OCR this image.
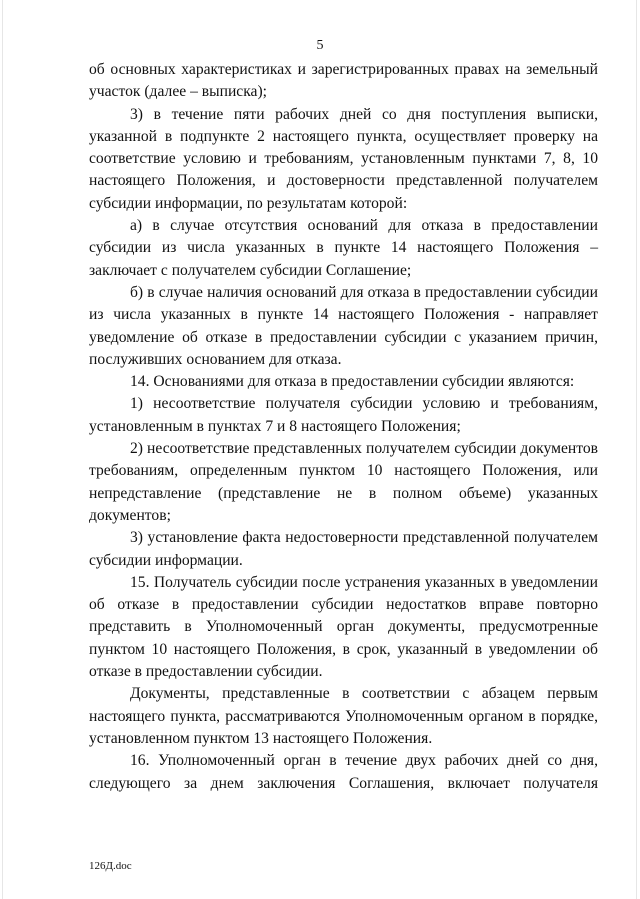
5

об основных характеристиках и зарегистрированных правах на земельный участок (далее – выписка);

3) в течение пяти рабочих дней со дня поступления выписки, указанной в подпункте 2 настоящего пункта, осуществляет проверку на соответствие условию и требованиям, установленным пунктами 7, 8, 10 настоящего Положения, и достоверности представленной получателем субсидии информации, по результатам которой:

а) в случае отсутствия оснований для отказа в предоставлении субсидии из числа указанных в пункте 14 настоящего Положения – заключает с получателем субсидии Соглашение;

б) в случае наличия оснований для отказа в предоставлении субсидии из числа указанных в пункте 14 настоящего Положения - направляет уведомление об отказе в предоставлении субсидии с указанием причин, послуживших основанием для отказа.

14. Основаниями для отказа в предоставлении субсидии являются:

1) несоответствие получателя субсидии условию и требованиям, установленным в пунктах 7 и 8 настоящего Положения;

2) несоответствие представленных получателем субсидии документов требованиям, определенным пунктом 10 настоящего Положения, или непредставление (представление не в полном объеме) указанных документов;

3) установление факта недостоверности представленной получателем субсидии информации.

15. Получатель субсидии после устранения указанных в уведомлении об отказе в предоставлении субсидии недостатков вправе повторно представить в Уполномоченный орган документы, предусмотренные пунктом 10 настоящего Положения, в срок, указанный в уведомлении об отказе в предоставлении субсидии.

Документы, представленные в соответствии с абзацем первым настоящего пункта, рассматриваются Уполномоченным органом в порядке, установленном пунктом 13 настоящего Положения.

16. Уполномоченный орган в течение двух рабочих дней со дня, следующего за днем заключения Соглашения, включает получателя

126Д.doc
